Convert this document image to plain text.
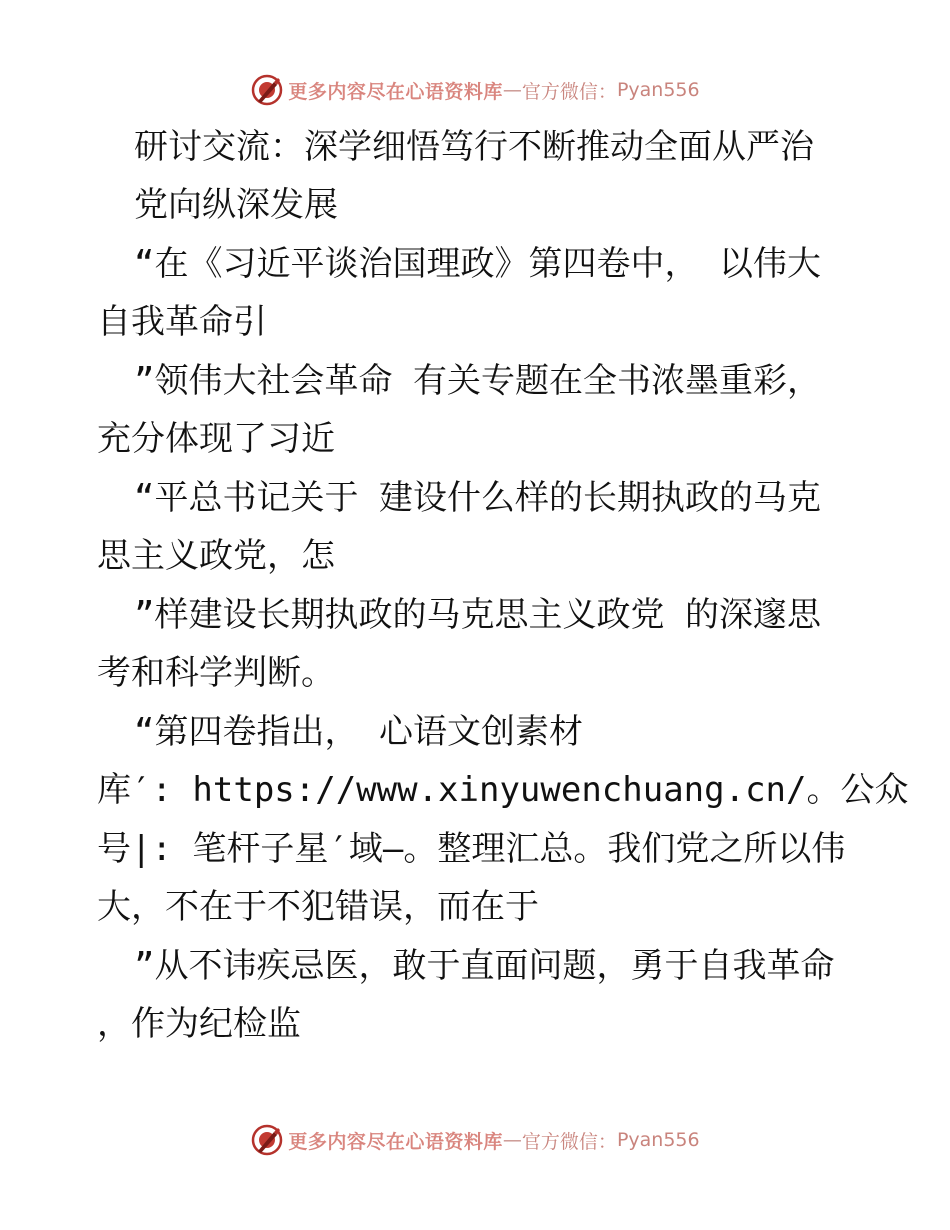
更多内容尽在心语资料库 — 官方微信： Pyan556
研讨交流：深学细悟笃行不断推动全面从严治
党向纵深发展
“在《习近平谈治国理政》第四卷中， 以伟大
自我革命引
”领伟大社会革命 有关专题在全书浓墨重彩，
充分体现了习近
“平总书记关于 建设什么样的长期执政的马克
思主义政党，怎
”样建设长期执政的马克思主义政党 的深邃思
考和科学判断。
“第四卷指出， 心语文创素材
库′: https://www.xinyuwenchuang.cn/。公众
号|: 笔杆子星′域—。整理汇总。我们党之所以伟
大，不在于不犯错误，而在于
”从不讳疾忌医，敢于直面问题，勇于自我革命
，作为纪检监
更多内容尽在心语资料库 — 官方微信： Pyan556
